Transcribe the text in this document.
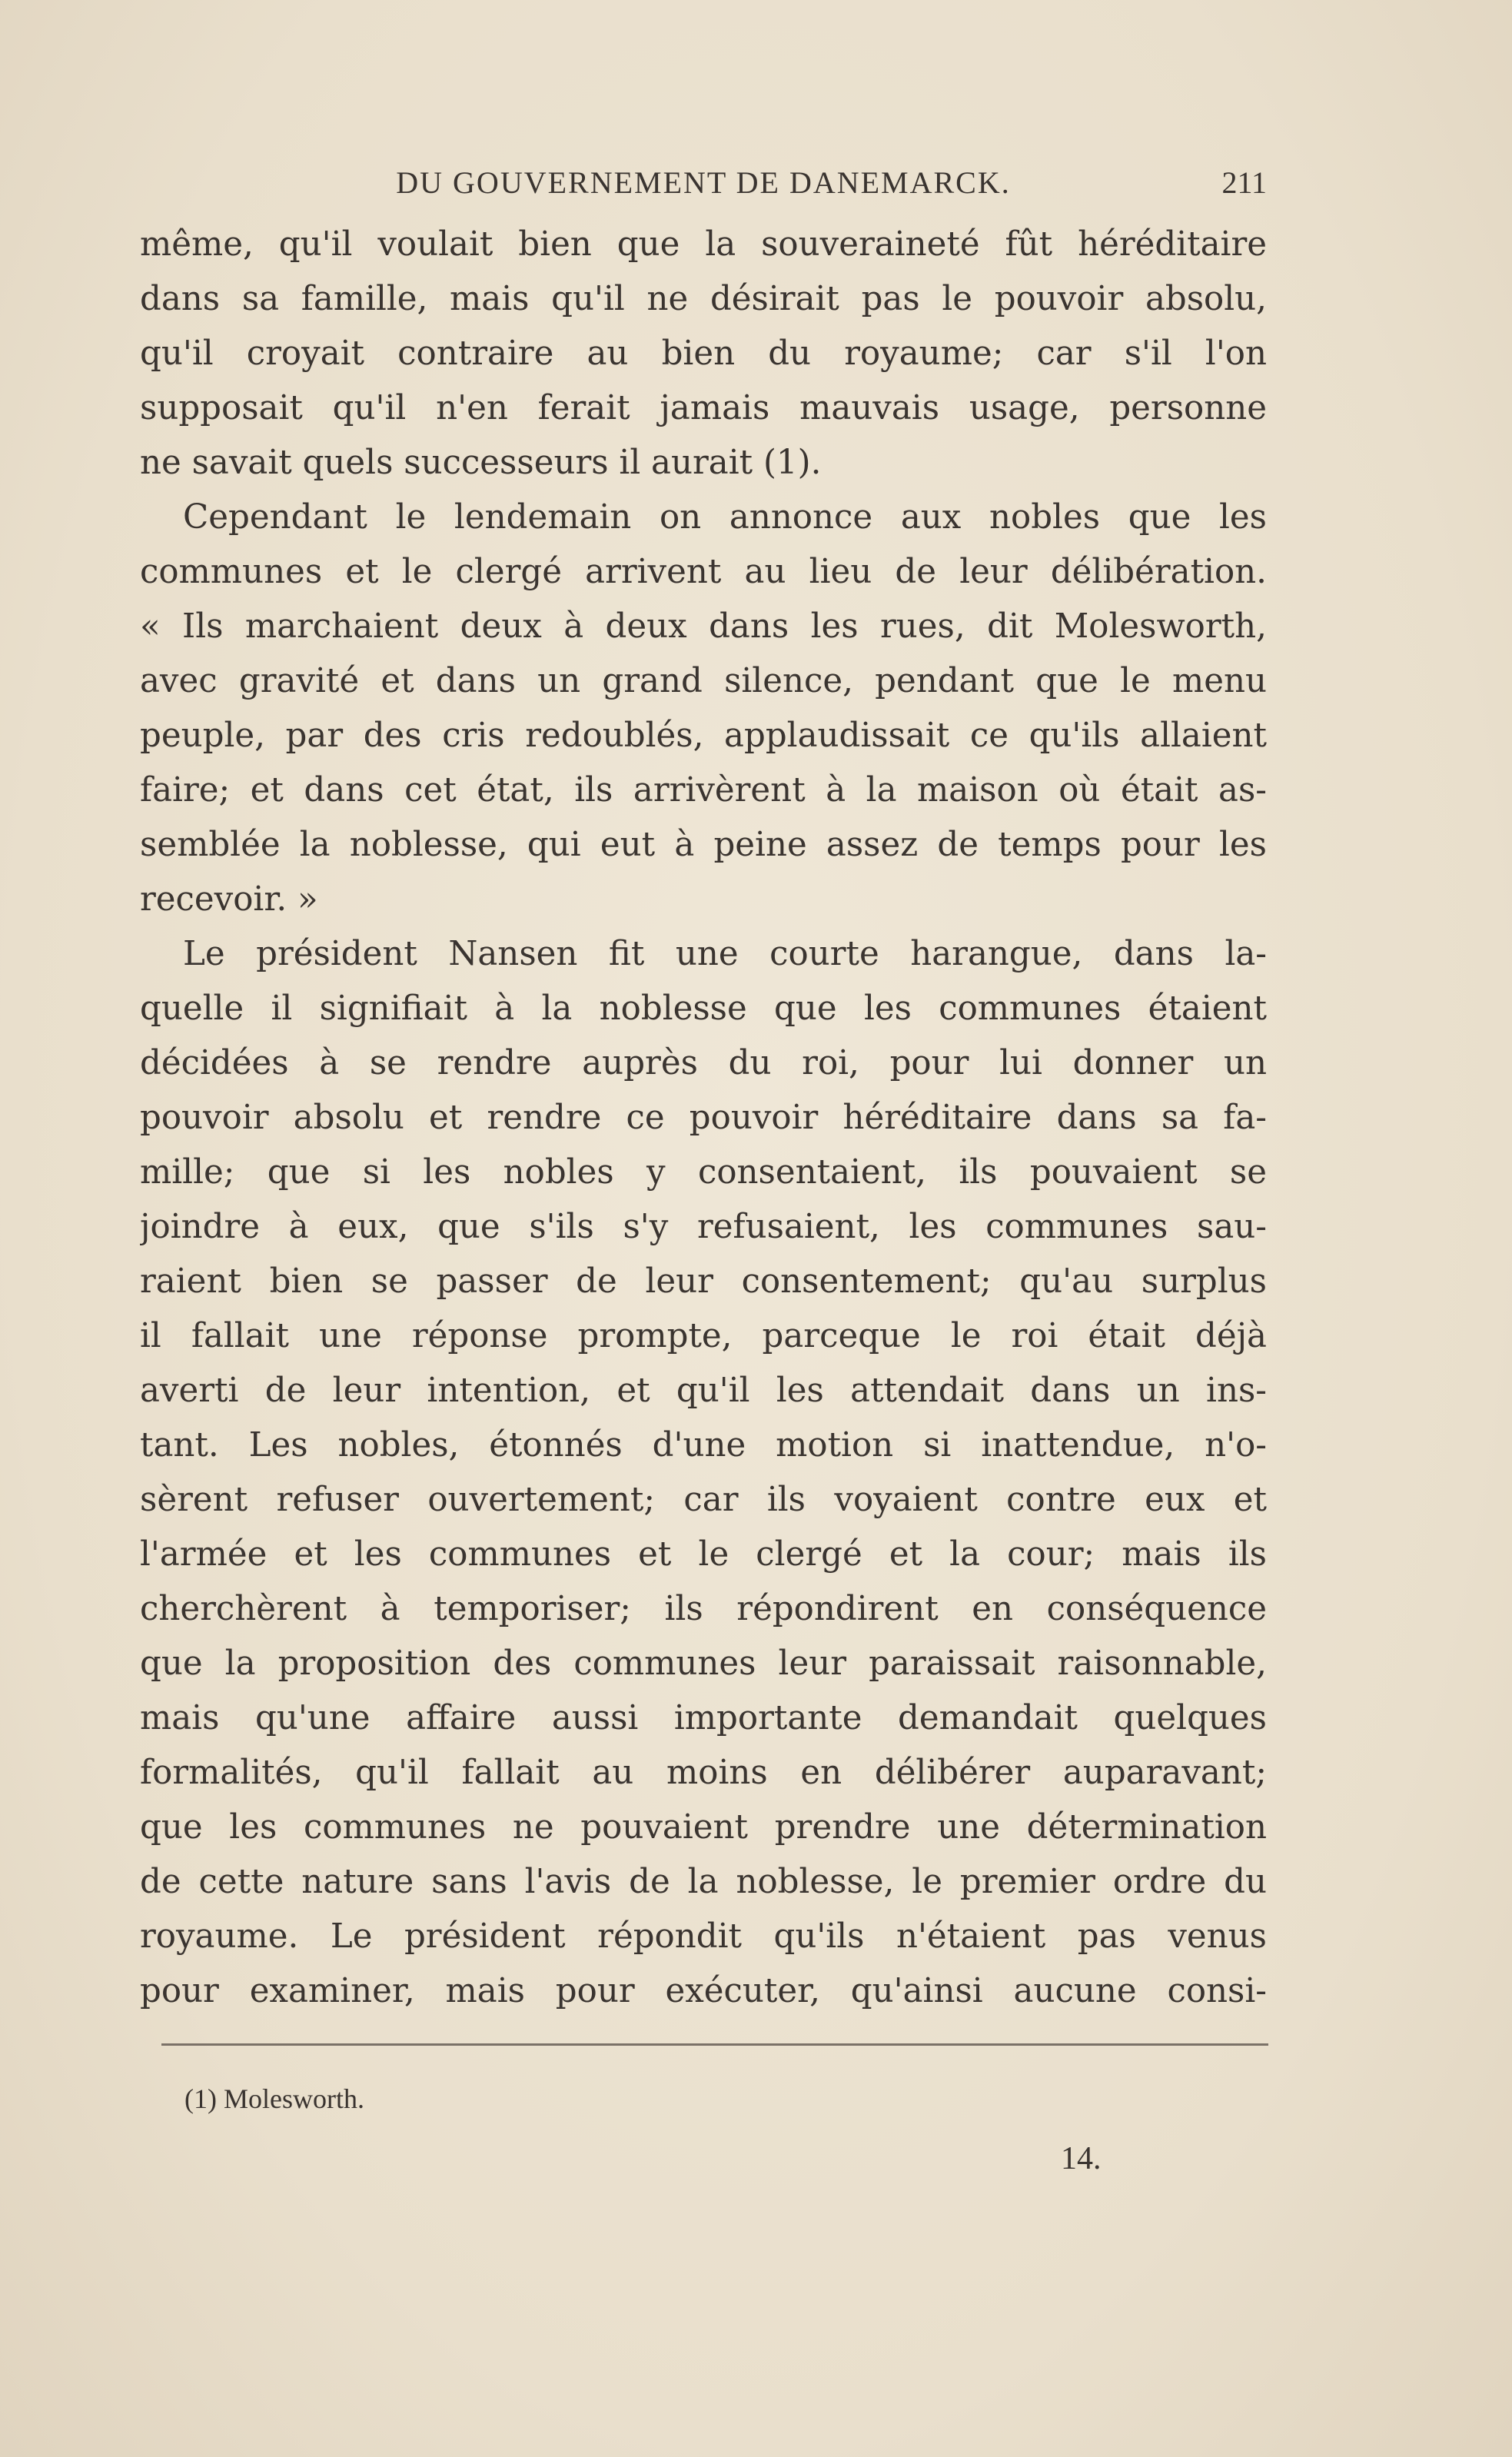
DU GOUVERNEMENT DE DANEMARCK.	211
même, qu'il voulait bien que la souveraineté fût héréditaire
dans sa famille, mais qu'il ne désirait pas le pouvoir absolu,
qu'il croyait contraire au bien du royaume; car s'il l'on
supposait qu'il n'en ferait jamais mauvais usage, personne
ne savait quels successeurs il aurait (1).
Cependant le lendemain on annonce aux nobles que les
communes et le clergé arrivent au lieu de leur délibération.
« Ils marchaient deux à deux dans les rues, dit Molesworth,
avec gravité et dans un grand silence, pendant que le menu
peuple, par des cris redoublés, applaudissait ce qu'ils allaient
faire; et dans cet état, ils arrivèrent à la maison où était as-
semblée la noblesse, qui eut à peine assez de temps pour les
recevoir. »
Le président Nansen fit une courte harangue, dans la-
quelle il signifiait à la noblesse que les communes étaient
décidées à se rendre auprès du roi, pour lui donner un
pouvoir absolu et rendre ce pouvoir héréditaire dans sa fa-
mille; que si les nobles y consentaient, ils pouvaient se
joindre à eux, que s'ils s'y refusaient, les communes sau-
raient bien se passer de leur consentement; qu'au surplus
il fallait une réponse prompte, parceque le roi était déjà
averti de leur intention, et qu'il les attendait dans un ins-
tant. Les nobles, étonnés d'une motion si inattendue, n'o-
sèrent refuser ouvertement; car ils voyaient contre eux et
l'armée et les communes et le clergé et la cour; mais ils
cherchèrent à temporiser; ils répondirent en conséquence
que la proposition des communes leur paraissait raisonnable,
mais qu'une affaire aussi importante demandait quelques
formalités, qu'il fallait au moins en délibérer auparavant;
que les communes ne pouvaient prendre une détermination
de cette nature sans l'avis de la noblesse, le premier ordre du
royaume. Le président répondit qu'ils n'étaient pas venus
pour examiner, mais pour exécuter, qu'ainsi aucune consi-
(1) Molesworth.
14.
